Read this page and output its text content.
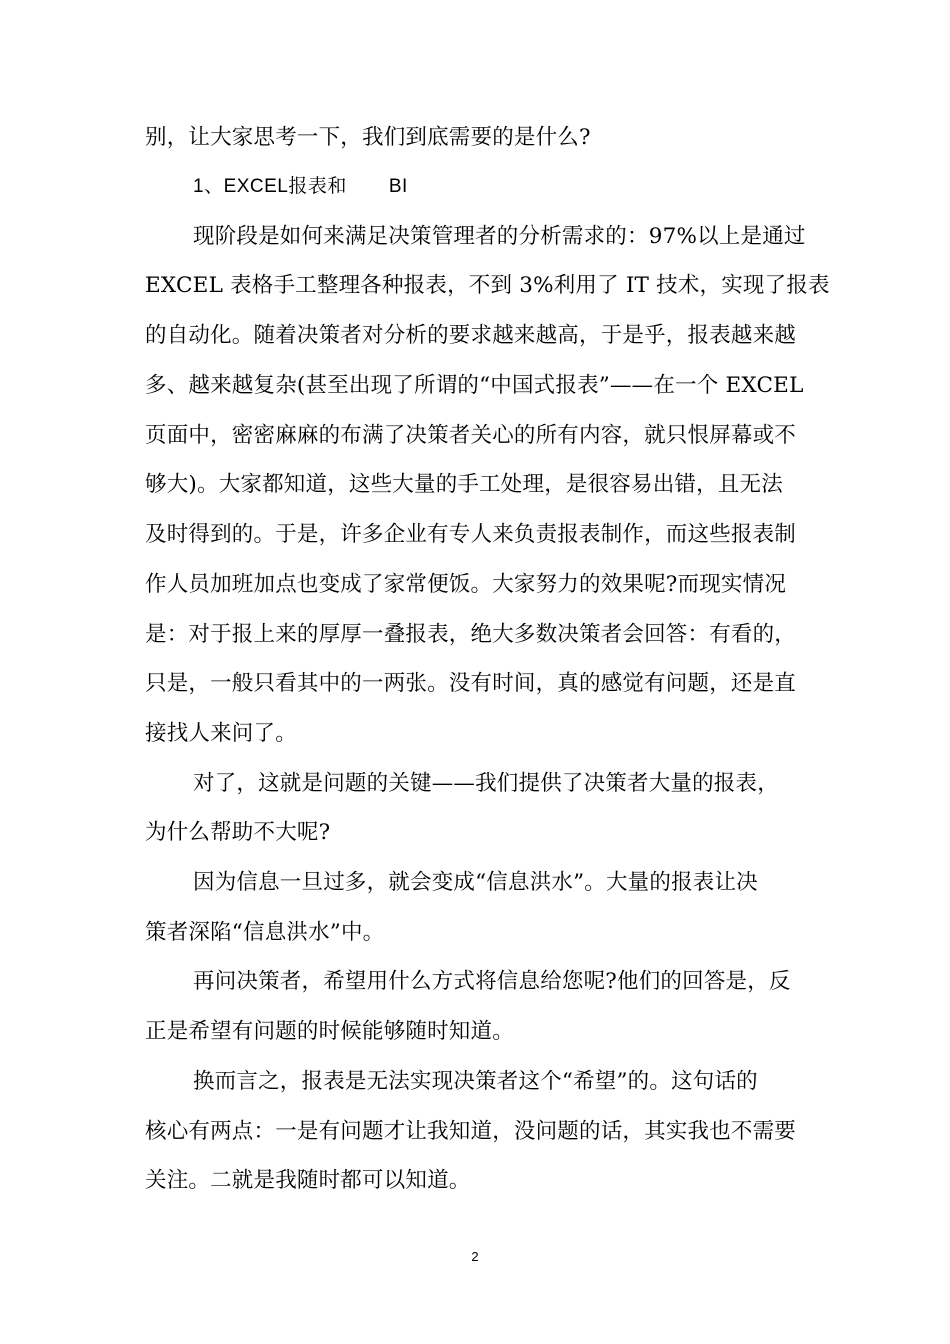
别，让大家思考一下，我们到底需要的是什么?
1、EXCEL报表和 BI
现阶段是如何来满足决策管理者的分析需求的：97%以上是通过
EXCEL 表格手工整理各种报表，不到 3%利用了 IT 技术，实现了报表
的自动化。随着决策者对分析的要求越来越高，于是乎，报表越来越
多、越来越复杂(甚至出现了所谓的“中国式报表”——在一个 EXCEL
页面中，密密麻麻的布满了决策者关心的所有内容，就只恨屏幕或不
够大)。大家都知道，这些大量的手工处理，是很容易出错，且无法
及时得到的。于是，许多企业有专人来负责报表制作，而这些报表制
作人员加班加点也变成了家常便饭。大家努力的效果呢?而现实情况
是：对于报上来的厚厚一叠报表，绝大多数决策者会回答：有看的，
只是，一般只看其中的一两张。没有时间，真的感觉有问题，还是直
接找人来问了。
对了，这就是问题的关键——我们提供了决策者大量的报表，
为什么帮助不大呢?
因为信息一旦过多，就会变成“信息洪水”。大量的报表让决
策者深陷“信息洪水”中。
再问决策者，希望用什么方式将信息给您呢?他们的回答是，反
正是希望有问题的时候能够随时知道。
换而言之，报表是无法实现决策者这个“希望”的。这句话的
核心有两点：一是有问题才让我知道，没问题的话，其实我也不需要
关注。二就是我随时都可以知道。
2
